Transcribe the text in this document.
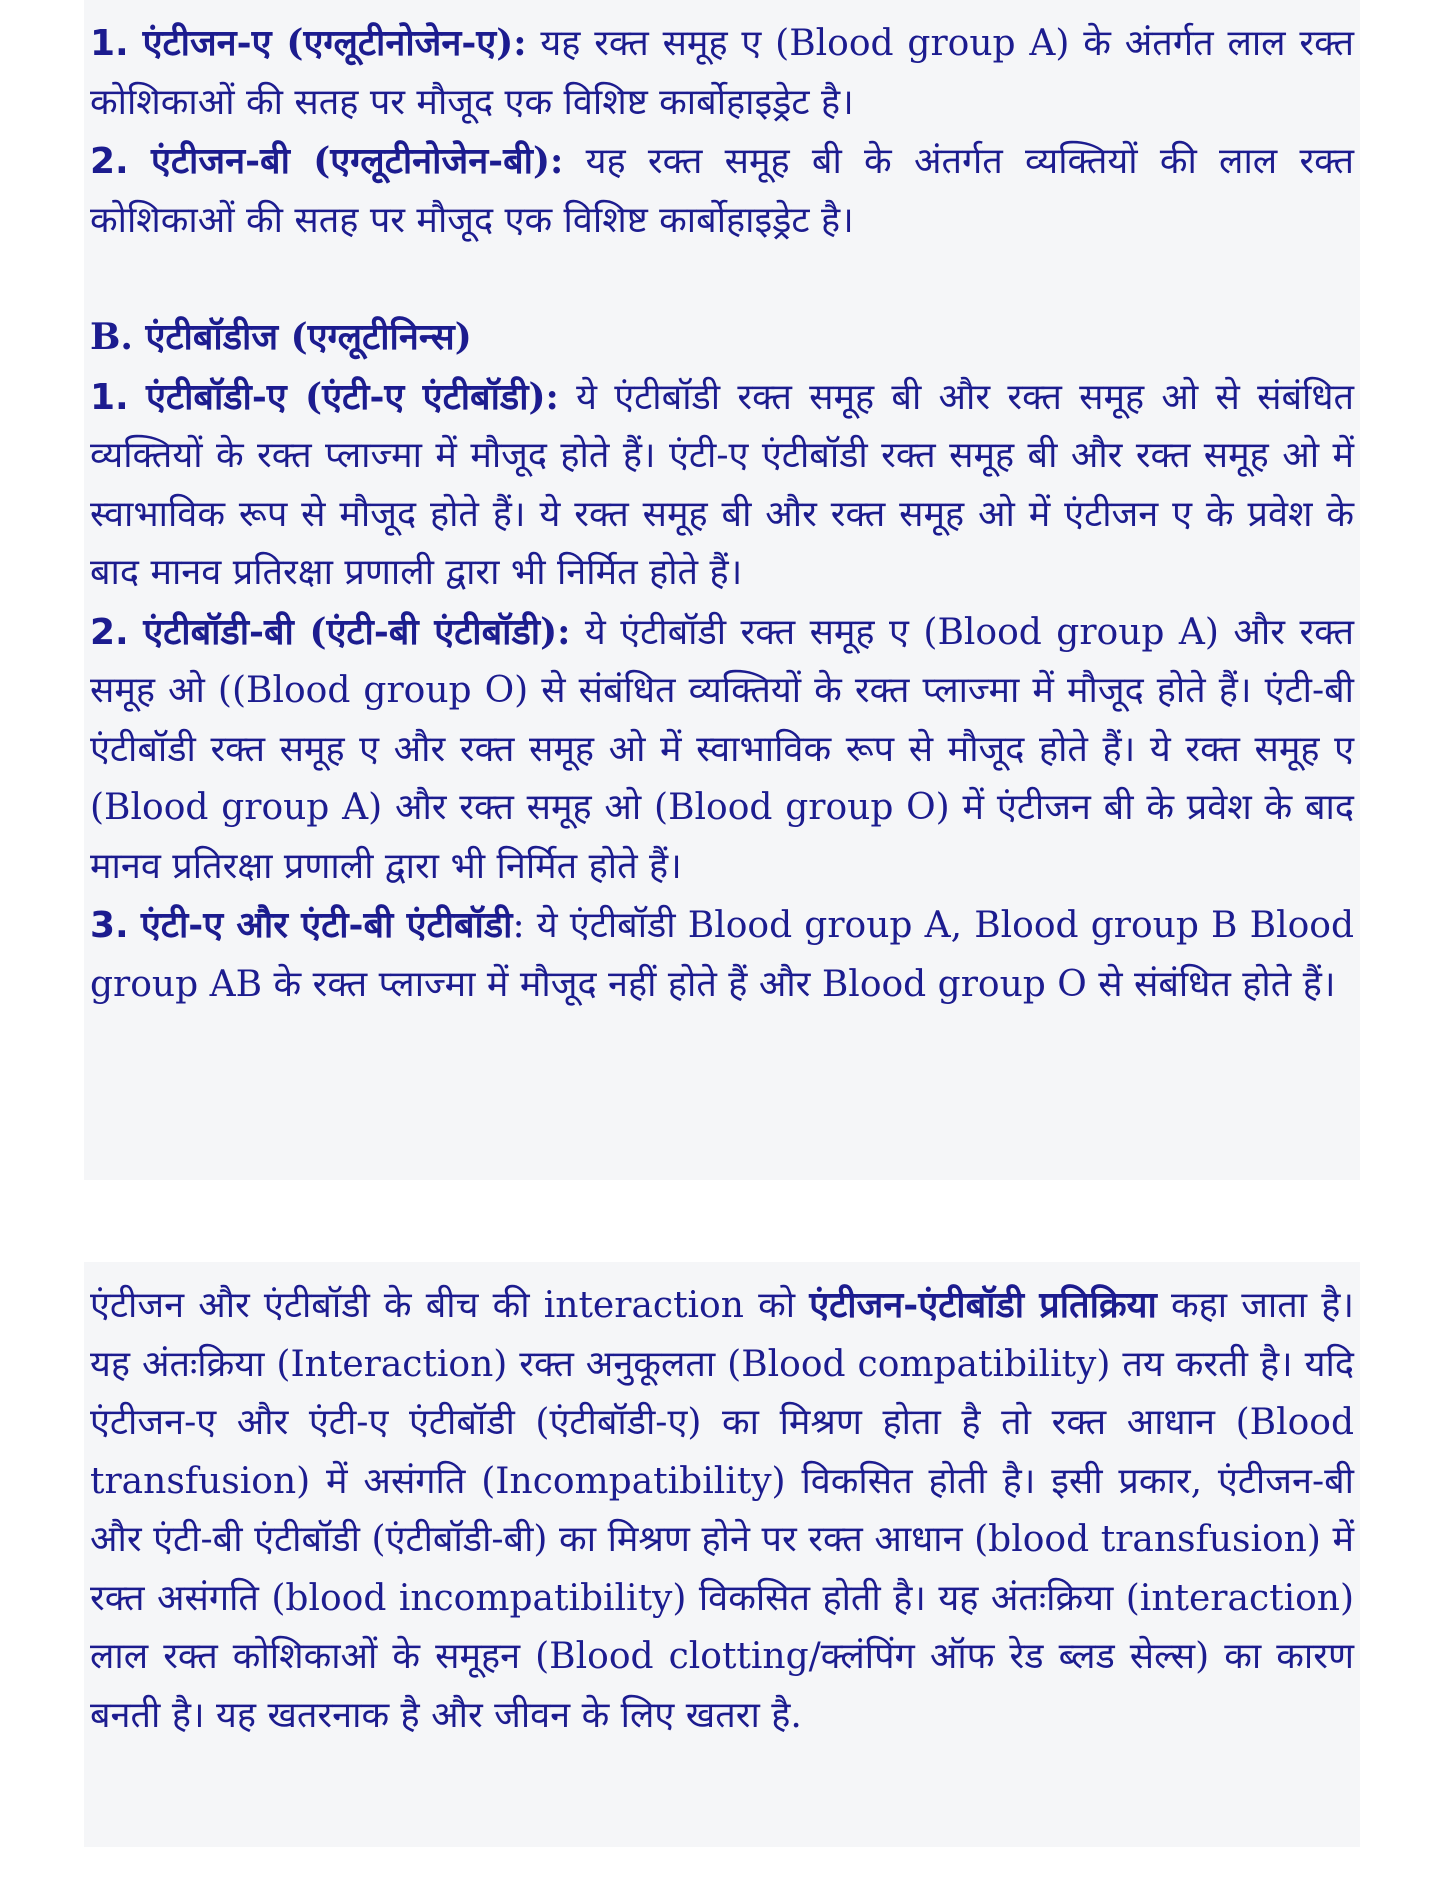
1. एंटीजन-ए (एग्लूटीनोजेन-ए): यह रक्त समूह ए (Blood group A) के अंतर्गत लाल रक्त कोशिकाओं की सतह पर मौजूद एक विशिष्ट कार्बोहाइड्रेट है।

2. एंटीजन-बी (एग्लूटीनोजेन-बी): यह रक्त समूह बी के अंतर्गत व्यक्तियों की लाल रक्त कोशिकाओं की सतह पर मौजूद एक विशिष्ट कार्बोहाइड्रेट है।

B. एंटीबॉडीज (एग्लूटीनिन्स)

1. एंटीबॉडी-ए (एंटी-ए एंटीबॉडी): ये एंटीबॉडी रक्त समूह बी और रक्त समूह ओ से संबंधित व्यक्तियों के रक्त प्लाज्मा में मौजूद होते हैं। एंटी-ए एंटीबॉडी रक्त समूह बी और रक्त समूह ओ में स्वाभाविक रूप से मौजूद होते हैं। ये रक्त समूह बी और रक्त समूह ओ में एंटीजन ए के प्रवेश के बाद मानव प्रतिरक्षा प्रणाली द्वारा भी निर्मित होते हैं।

2. एंटीबॉडी-बी (एंटी-बी एंटीबॉडी): ये एंटीबॉडी रक्त समूह ए (Blood group A) और रक्त समूह ओ ((Blood group O) से संबंधित व्यक्तियों के रक्त प्लाज्मा में मौजूद होते हैं। एंटी-बी एंटीबॉडी रक्त समूह ए और रक्त समूह ओ में स्वाभाविक रूप से मौजूद होते हैं। ये रक्त समूह ए (Blood group A) और रक्त समूह ओ (Blood group O) में एंटीजन बी के प्रवेश के बाद मानव प्रतिरक्षा प्रणाली द्वारा भी निर्मित होते हैं।

3. एंटी-ए और एंटी-बी एंटीबॉडी: ये एंटीबॉडी Blood group A, Blood group B Blood group AB के रक्त प्लाज्मा में मौजूद नहीं होते हैं और Blood group O से संबंधित होते हैं।

एंटीजन और एंटीबॉडी के बीच की interaction को एंटीजन-एंटीबॉडी प्रतिक्रिया कहा जाता है। यह अंतःक्रिया (Interaction) रक्त अनुकूलता (Blood compatibility) तय करती है। यदि एंटीजन-ए और एंटी-ए एंटीबॉडी (एंटीबॉडी-ए) का मिश्रण होता है तो रक्त आधान (Blood transfusion) में असंगति (Incompatibility) विकसित होती है। इसी प्रकार, एंटीजन-बी और एंटी-बी एंटीबॉडी (एंटीबॉडी-बी) का मिश्रण होने पर रक्त आधान (blood transfusion) में रक्त असंगति (blood incompatibility) विकसित होती है। यह अंतःक्रिया (interaction) लाल रक्त कोशिकाओं के समूहन (Blood clotting/क्लंपिंग ऑफ रेड ब्लड सेल्स) का कारण बनती है। यह खतरनाक है और जीवन के लिए खतरा है.
